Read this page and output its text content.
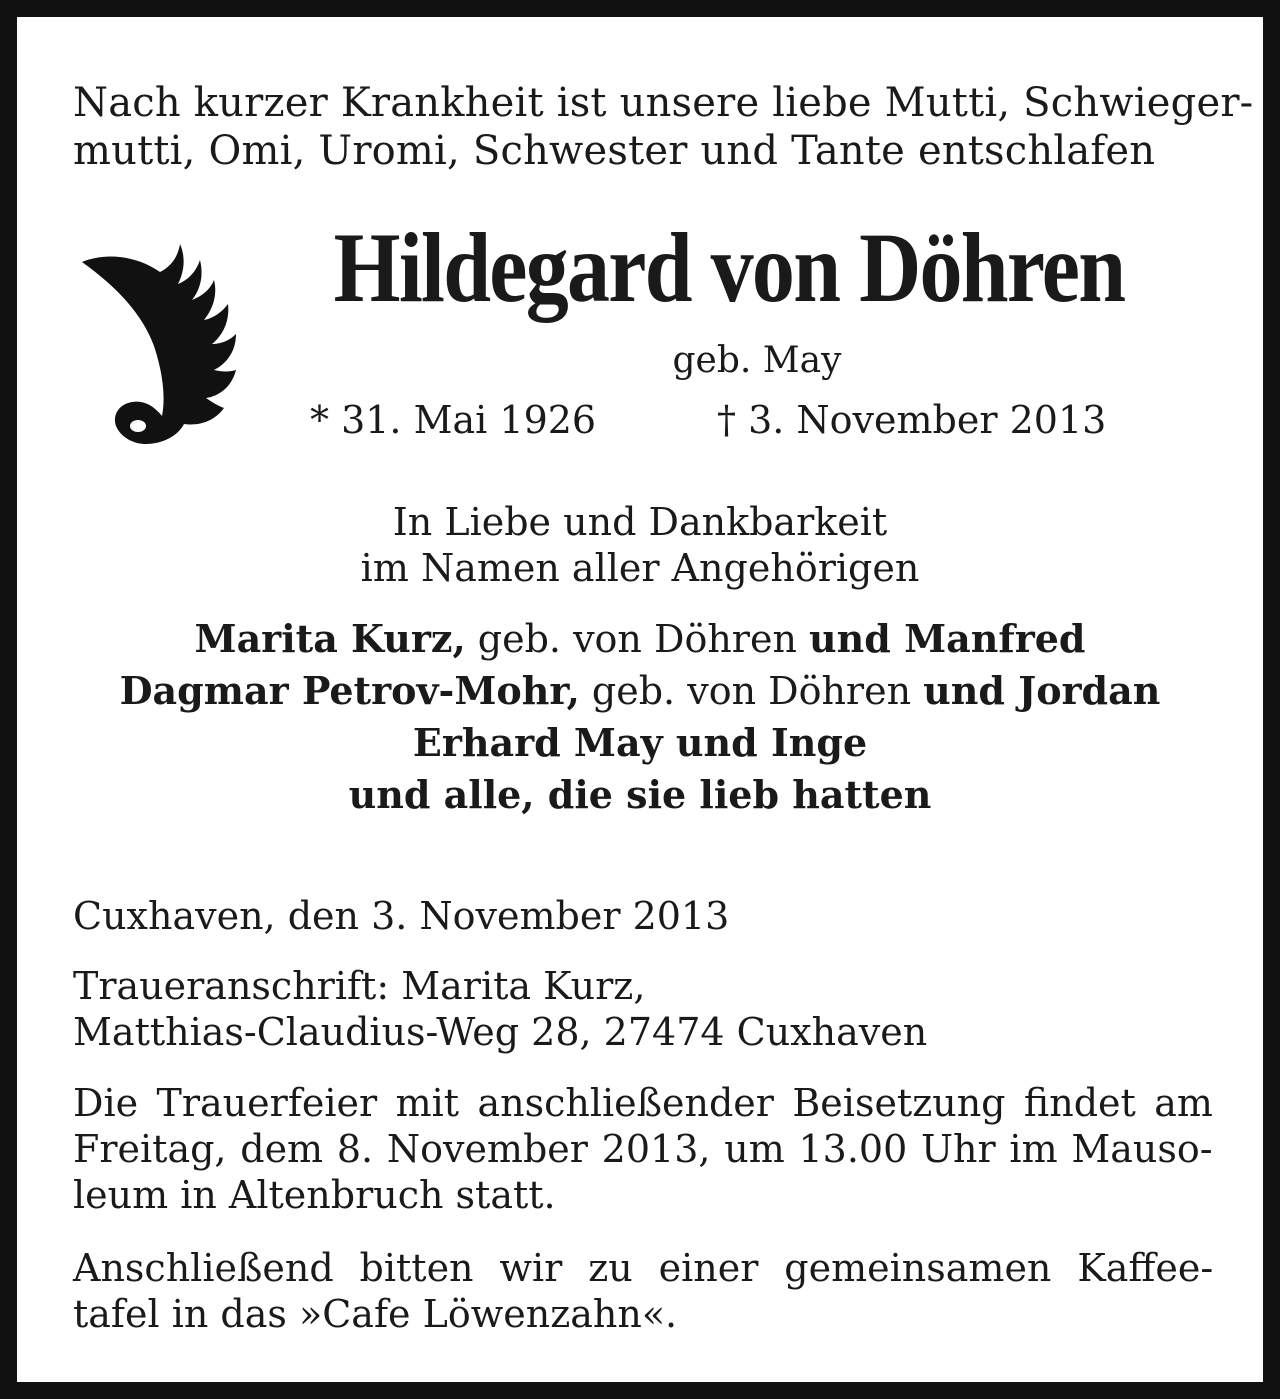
Nach kurzer Krankheit ist unsere liebe Mutti, Schwieger-
mutti, Omi, Uromi, Schwester und Tante entschlafen
Hildegard von Döhren
geb. May
* 31. Mai 1926	† 3. November 2013
In Liebe und Dankbarkeit
im Namen aller Angehörigen
Marita Kurz, geb. von Döhren und Manfred
Dagmar Petrov-Mohr, geb. von Döhren und Jordan
Erhard May und Inge
und alle, die sie lieb hatten
Cuxhaven, den 3. November 2013
Traueranschrift: Marita Kurz,
Matthias-Claudius-Weg 28, 27474 Cuxhaven
Die Trauerfeier mit anschließender Beisetzung findet am
Freitag, dem 8. November 2013, um 13.00 Uhr im Mauso-
leum in Altenbruch statt.
Anschließend bitten wir zu einer gemeinsamen Kaffee-
tafel in das »Cafe Löwenzahn«.
